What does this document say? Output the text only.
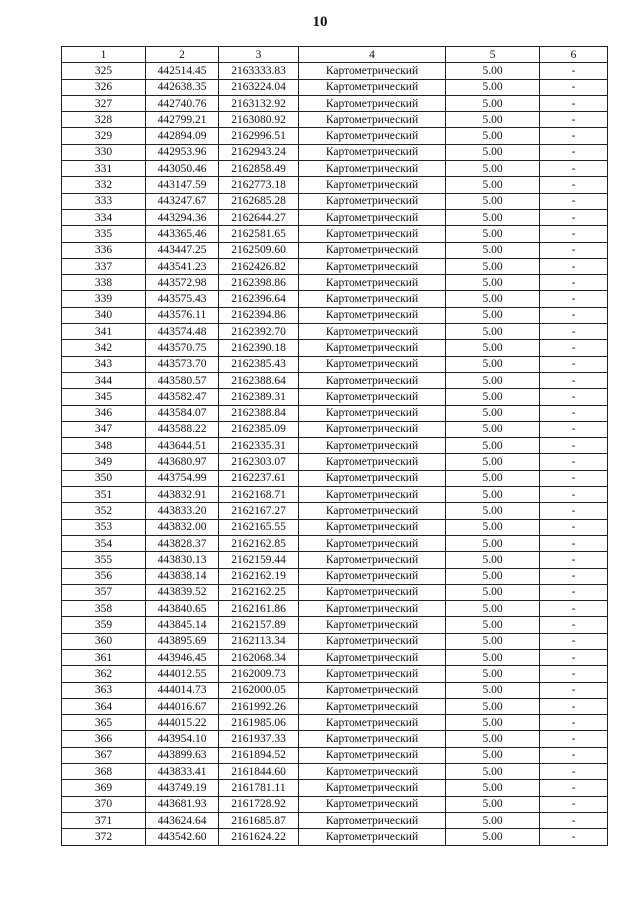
10
1	2	3	4	5	6
325	442514.45	2163333.83	Картометрический	5.00	-
326	442638.35	2163224.04	Картометрический	5.00	-
327	442740.76	2163132.92	Картометрический	5.00	-
328	442799.21	2163080.92	Картометрический	5.00	-
329	442894.09	2162996.51	Картометрический	5.00	-
330	442953.96	2162943.24	Картометрический	5.00	-
331	443050.46	2162858.49	Картометрический	5.00	-
332	443147.59	2162773.18	Картометрический	5.00	-
333	443247.67	2162685.28	Картометрический	5.00	-
334	443294.36	2162644.27	Картометрический	5.00	-
335	443365.46	2162581.65	Картометрический	5.00	-
336	443447.25	2162509.60	Картометрический	5.00	-
337	443541.23	2162426.82	Картометрический	5.00	-
338	443572.98	2162398.86	Картометрический	5.00	-
339	443575.43	2162396.64	Картометрический	5.00	-
340	443576.11	2162394.86	Картометрический	5.00	-
341	443574.48	2162392.70	Картометрический	5.00	-
342	443570.75	2162390.18	Картометрический	5.00	-
343	443573.70	2162385.43	Картометрический	5.00	-
344	443580.57	2162388.64	Картометрический	5.00	-
345	443582.47	2162389.31	Картометрический	5.00	-
346	443584.07	2162388.84	Картометрический	5.00	-
347	443588.22	2162385.09	Картометрический	5.00	-
348	443644.51	2162335.31	Картометрический	5.00	-
349	443680.97	2162303.07	Картометрический	5.00	-
350	443754.99	2162237.61	Картометрический	5.00	-
351	443832.91	2162168.71	Картометрический	5.00	-
352	443833.20	2162167.27	Картометрический	5.00	-
353	443832.00	2162165.55	Картометрический	5.00	-
354	443828.37	2162162.85	Картометрический	5.00	-
355	443830.13	2162159.44	Картометрический	5.00	-
356	443838.14	2162162.19	Картометрический	5.00	-
357	443839.52	2162162.25	Картометрический	5.00	-
358	443840.65	2162161.86	Картометрический	5.00	-
359	443845.14	2162157.89	Картометрический	5.00	-
360	443895.69	2162113.34	Картометрический	5.00	-
361	443946.45	2162068.34	Картометрический	5.00	-
362	444012.55	2162009.73	Картометрический	5.00	-
363	444014.73	2162000.05	Картометрический	5.00	-
364	444016.67	2161992.26	Картометрический	5.00	-
365	444015.22	2161985.06	Картометрический	5.00	-
366	443954.10	2161937.33	Картометрический	5.00	-
367	443899.63	2161894.52	Картометрический	5.00	-
368	443833.41	2161844.60	Картометрический	5.00	-
369	443749.19	2161781.11	Картометрический	5.00	-
370	443681.93	2161728.92	Картометрический	5.00	-
371	443624.64	2161685.87	Картометрический	5.00	-
372	443542.60	2161624.22	Картометрический	5.00	-
